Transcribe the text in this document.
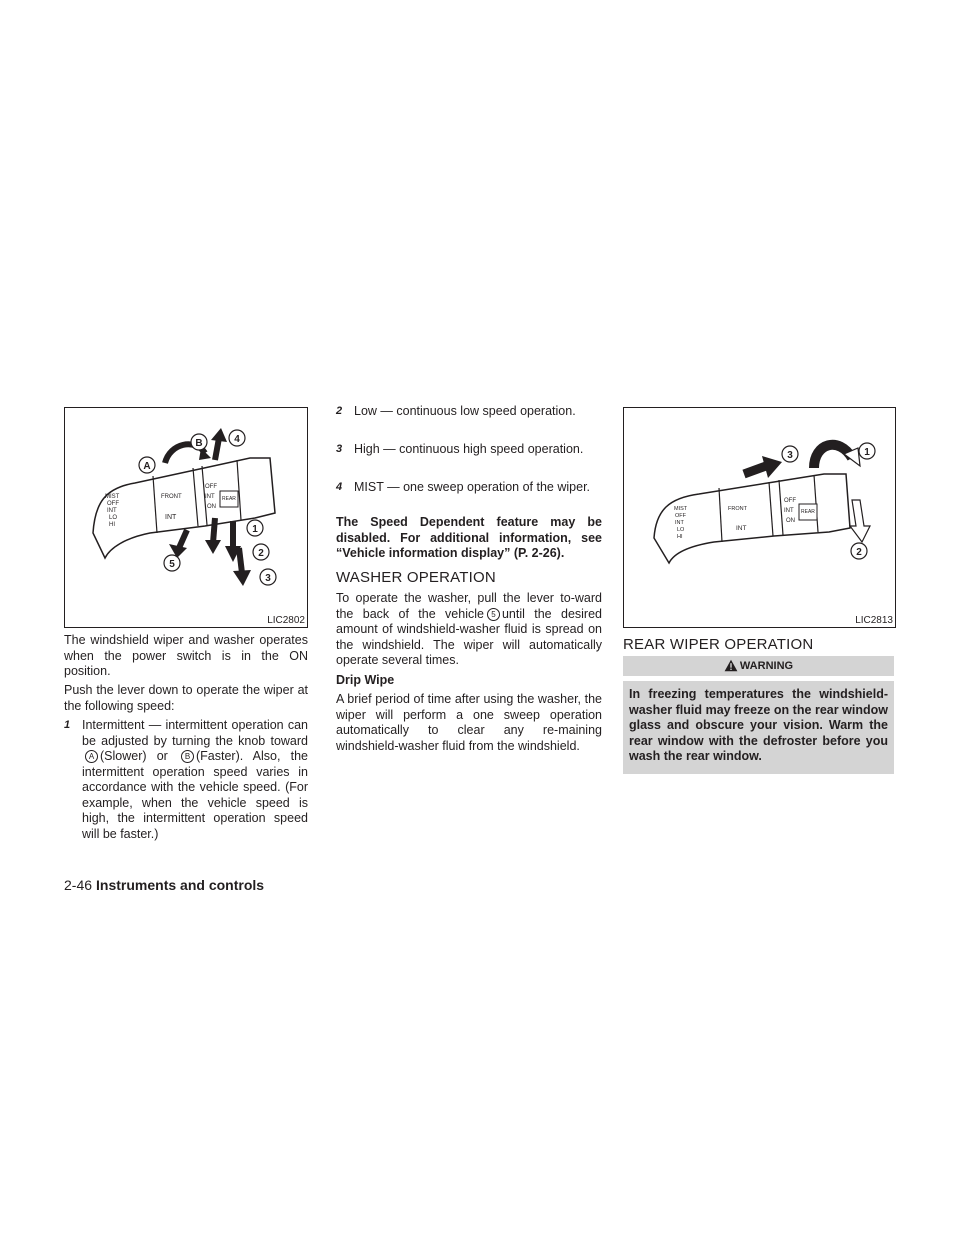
MIST
OFF
INT
LO
HI
FRONT
INT
OFF
INT
ON
REAR
A
B	4
1
2
3
5
LIC2802

The windshield wiper and washer operates when the power switch is in the ON position.

Push the lever down to operate the wiper at the following speed:

1 Intermittent — intermittent operation can be adjusted by turning the knob toward A (Slower) or B (Faster). Also, the intermittent operation speed varies in accordance with the vehicle speed. (For example, when the vehicle speed is high, the intermittent operation speed will be faster.)
2 Low — continuous low speed operation.
3 High — continuous high speed operation.
4 MIST — one sweep operation of the wiper.

The Speed Dependent feature may be disabled. For additional information, see “Vehicle information display” (P. 2-26).

WASHER OPERATION

To operate the washer, pull the lever to-ward the back of the vehicle 5 until the desired amount of windshield-washer fluid is spread on the windshield. The wiper will automatically operate several times.

Drip Wipe

A brief period of time after using the washer, the wiper will perform a one sweep operation automatically to clear any re-maining windshield-washer fluid from the windshield.

MIST
OFF
INT
LO
HI
FRONT
INT
OFF
INT
ON
REAR
3	1
2
LIC2813
REAR WIPER OPERATION
WARNING
In freezing temperatures the windshield-washer fluid may freeze on the rear window glass and obscure your vision. Warm the rear window with the defroster before you wash the rear window.
2-46 Instruments and controls
